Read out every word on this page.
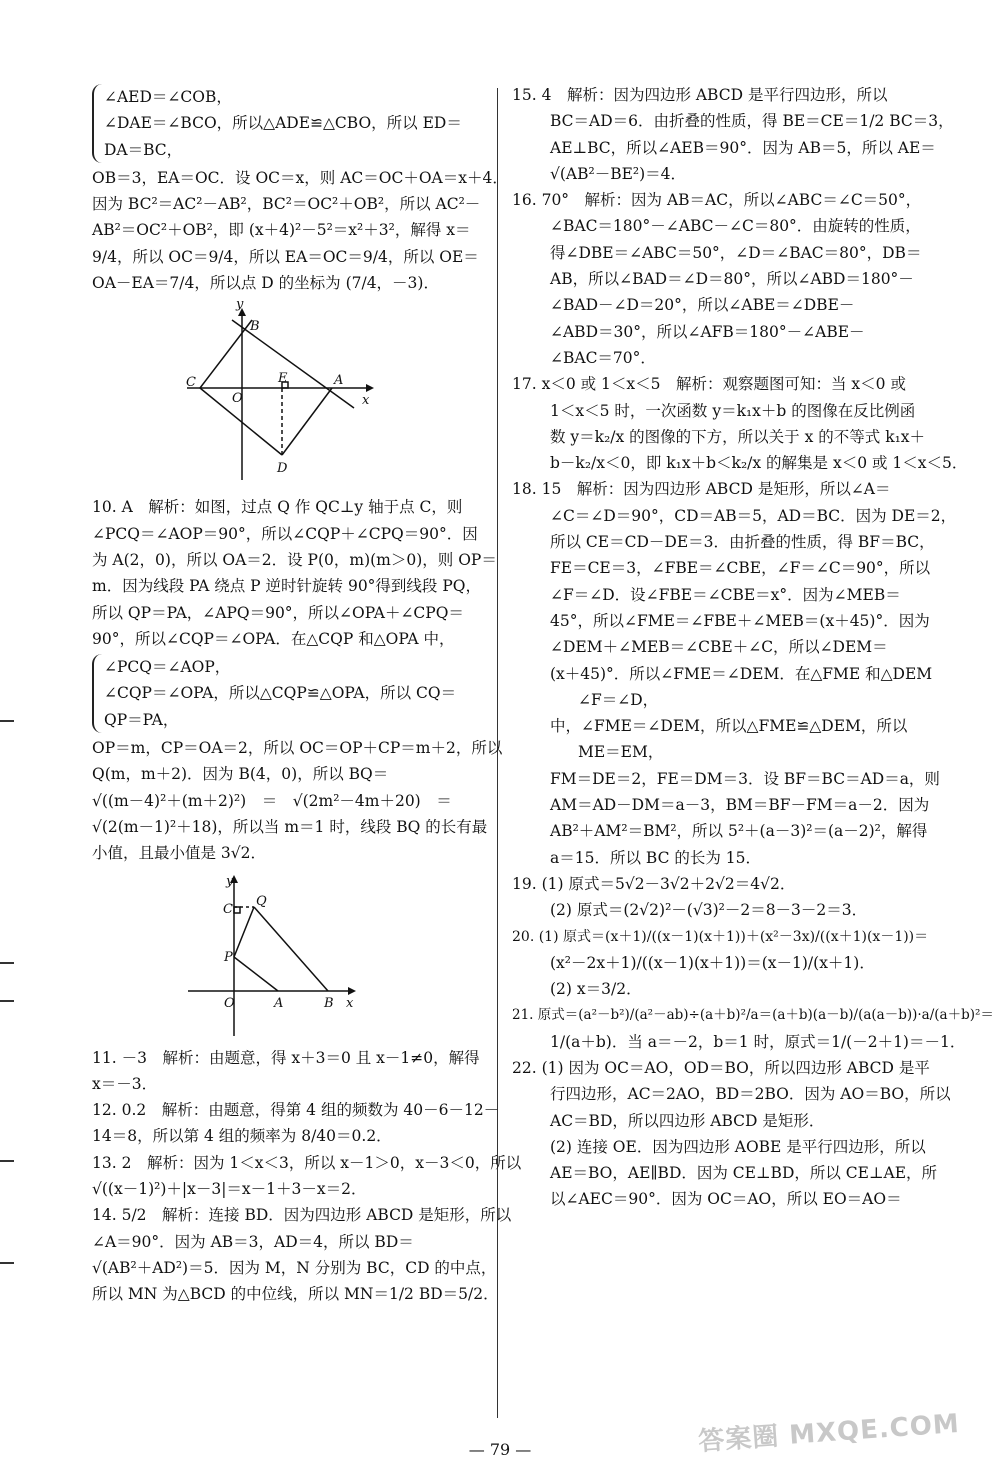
∠AED＝∠COB，
∠DAE＝∠BCO，所以△ADE≌△CBO，所以 ED＝
DA＝BC，
OB＝3，EA＝OC．设 OC＝x，则 AC＝OC＋OA＝x＋4．
因为 BC²＝AC²－AB²，BC²＝OC²＋OB²，所以 AC²－
AB²＝OC²＋OB²，即 (x＋4)²－5²＝x²＋3²，解得 x＝
9/4，所以 OC＝9/4，所以 EA＝OC＝9/4，所以 OE＝
OA－EA＝7/4，所以点 D 的坐标为 (7/4，－3)．
y
x
B
C
O
E	A
D
10. A　解析：如图，过点 Q 作 QC⊥y 轴于点 C，则
∠PCQ＝∠AOP＝90°，所以∠CQP＋∠CPQ＝90°．因
为 A(2，0)，所以 OA＝2．设 P(0，m)(m＞0)，则 OP＝
m．因为线段 PA 绕点 P 逆时针旋转 90°得到线段 PQ，
所以 QP＝PA，∠APQ＝90°，所以∠OPA＋∠CPQ＝
90°，所以∠CQP＝∠OPA．在△CQP 和△OPA 中，
∠PCQ＝∠AOP，
∠CQP＝∠OPA，所以△CQP≌△OPA，所以 CQ＝
QP＝PA，
OP＝m，CP＝OA＝2，所以 OC＝OP＋CP＝m＋2，所以
Q(m，m＋2)．因为 B(4，0)，所以 BQ＝
√((m－4)²＋(m＋2)²)　＝　√(2m²－4m＋20)　＝
√(2(m－1)²＋18)，所以当 m＝1 时，线段 BQ 的长有最
小值，且最小值是 3√2．
y
x
C
Q
P
O	A	B
11. －3　解析：由题意，得 x＋3＝0 且 x－1≠0，解得
x＝－3．
12. 0.2　解析：由题意，得第 4 组的频数为 40－6－12－
14＝8，所以第 4 组的频率为 8/40＝0.2．
13. 2　解析：因为 1＜x＜3，所以 x－1＞0，x－3＜0，所以
√((x－1)²)＋|x－3|＝x－1＋3－x＝2．
14. 5/2　解析：连接 BD．因为四边形 ABCD 是矩形，所以
∠A＝90°．因为 AB＝3，AD＝4，所以 BD＝
√(AB²＋AD²)＝5．因为 M，N 分别为 BC，CD 的中点，
所以 MN 为△BCD 的中位线，所以 MN＝1/2 BD＝5/2．
15. 4　解析：因为四边形 ABCD 是平行四边形，所以
BC＝AD＝6．由折叠的性质，得 BE＝CE＝1/2 BC＝3，
AE⊥BC，所以∠AEB＝90°．因为 AB＝5，所以 AE＝
√(AB²－BE²)＝4．
16. 70°　解析：因为 AB＝AC，所以∠ABC＝∠C＝50°，
∠BAC＝180°－∠ABC－∠C＝80°．由旋转的性质，
得∠DBE＝∠ABC＝50°，∠D＝∠BAC＝80°，DB＝
AB，所以∠BAD＝∠D＝80°，所以∠ABD＝180°－
∠BAD－∠D＝20°，所以∠ABE＝∠DBE－
∠ABD＝30°，所以∠AFB＝180°－∠ABE－
∠BAC＝70°．
17. x＜0 或 1＜x＜5　解析：观察题图可知：当 x＜0 或
1＜x＜5 时，一次函数 y＝k₁x＋b 的图像在反比例函
数 y＝k₂/x 的图像的下方，所以关于 x 的不等式 k₁x＋
b－k₂/x＜0，即 k₁x＋b＜k₂/x 的解集是 x＜0 或 1＜x＜5．
18. 15　解析：因为四边形 ABCD 是矩形，所以∠A＝
∠C＝∠D＝90°，CD＝AB＝5，AD＝BC．因为 DE＝2，
所以 CE＝CD－DE＝3．由折叠的性质，得 BF＝BC，
FE＝CE＝3，∠FBE＝∠CBE，∠F＝∠C＝90°，所以
∠F＝∠D．设∠FBE＝∠CBE＝x°．因为∠MEB＝
45°，所以∠FME＝∠FBE＋∠MEB＝(x＋45)°．因为
∠DEM＋∠MEB＝∠CBE＋∠C，所以∠DEM＝
(x＋45)°．所以∠FME＝∠DEM．在△FME 和△DEM
∠F＝∠D，
中，∠FME＝∠DEM，所以△FME≌△DEM，所以
ME＝EM，
FM＝DE＝2，FE＝DM＝3．设 BF＝BC＝AD＝a，则
AM＝AD－DM＝a－3，BM＝BF－FM＝a－2．因为
AB²＋AM²＝BM²，所以 5²＋(a－3)²＝(a－2)²，解得
a＝15．所以 BC 的长为 15．
19. (1) 原式＝5√2－3√2＋2√2＝4√2．
(2) 原式＝(2√2)²－(√3)²－2＝8－3－2＝3．
20. (1) 原式＝(x＋1)/((x－1)(x＋1))＋(x²－3x)/((x＋1)(x－1))＝
(x²－2x＋1)/((x－1)(x＋1))＝(x－1)/(x＋1)．
(2) x＝3/2．
21. 原式＝(a²－b²)/(a²－ab)÷(a＋b)²/a＝(a＋b)(a－b)/(a(a－b))·a/(a＋b)²＝
1/(a＋b)．当 a＝－2，b＝1 时，原式＝1/(－2＋1)＝－1．
22. (1) 因为 OC＝AO，OD＝BO，所以四边形 ABCD 是平
行四边形，AC＝2AO，BD＝2BO．因为 AO＝BO，所以
AC＝BD，所以四边形 ABCD 是矩形．
(2) 连接 OE．因为四边形 AOBE 是平行四边形，所以
AE＝BO，AE∥BD．因为 CE⊥BD，所以 CE⊥AE，所
以∠AEC＝90°．因为 OC＝AO，所以 EO＝AO＝
— 79 —	答案圈 MXQE.COM
